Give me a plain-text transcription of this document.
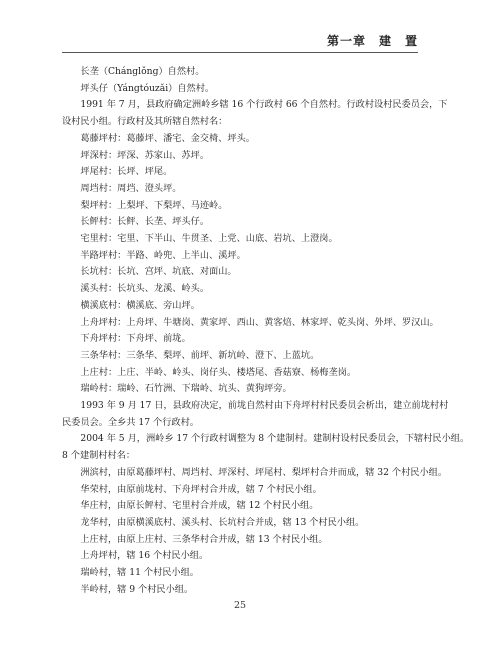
第一章　建　置

长垄（Chánglǒng）自然村。

坪头仔（Yángtóuzǎi）自然村。

1991 年 7 月，县政府确定洲岭乡辖 16 个行政村 66 个自然村。行政村设村民委员会，下

设村民小组。行政村及其所辖自然村名：

葛藤坪村：葛藤坪、潘宅、金交椅、坪头。

坪深村：坪深、苏家山、苏坪。

坪尾村：长坪、坪尾。

周垱村：周垱、澄头坪。

梨坪村：上梨坪、下梨坪、马迹岭。

长鲆村：长鲆、长垄、坪头仔。

宅里村：宅里、下半山、牛贯圣、上党、山底、岩坑、上澄岗。

半路坪村：半路、岭兜、上半山、溪坪。

长坑村：长坑、宫坪、坑底、对面山。

溪头村：长坑头、龙溪、岭头。

横溪底村：横溪底、旁山坪。

上舟坪村：上舟坪、牛塘岗、黄家坪、西山、黄客焙、林家坪、乾头岗、外坪、罗汉山。

下舟坪村：下舟坪、前垅。

三条华村：三条华、梨坪、前坪、新坑岭、澄下、上蓝坑。

上庄村：上庄、半岭、岭头、岗仔头、楼塔尾、香菇寮、杨梅垄岗。

瑞岭村：瑞岭、石竹洲、下瑞岭、坑头、黄狗坪旁。

1993 年 9 月 17 日，县政府决定，前垅自然村由下舟坪村村民委员会析出，建立前垅村村

民委员会。全乡共 17 个行政村。

2004 年 5 月，洲岭乡 17 个行政村调整为 8 个建制村。建制村设村民委员会，下辖村民小组。

8 个建制村村名：

洲滨村，由原葛藤坪村、周垱村、坪深村、坪尾村、梨坪村合并而成，辖 32 个村民小组。

华荣村，由原前垅村、下舟坪村合并成，辖 7 个村民小组。

华庄村，由原长鲆村、宅里村合并成，辖 12 个村民小组。

龙华村，由原横溪底村、溪头村、长坑村合并成，辖 13 个村民小组。

上庄村，由原上庄村、三条华村合并成，辖 13 个村民小组。

上舟坪村，辖 16 个村民小组。

瑞岭村，辖 11 个村民小组。

半岭村，辖 9 个村民小组。

25
